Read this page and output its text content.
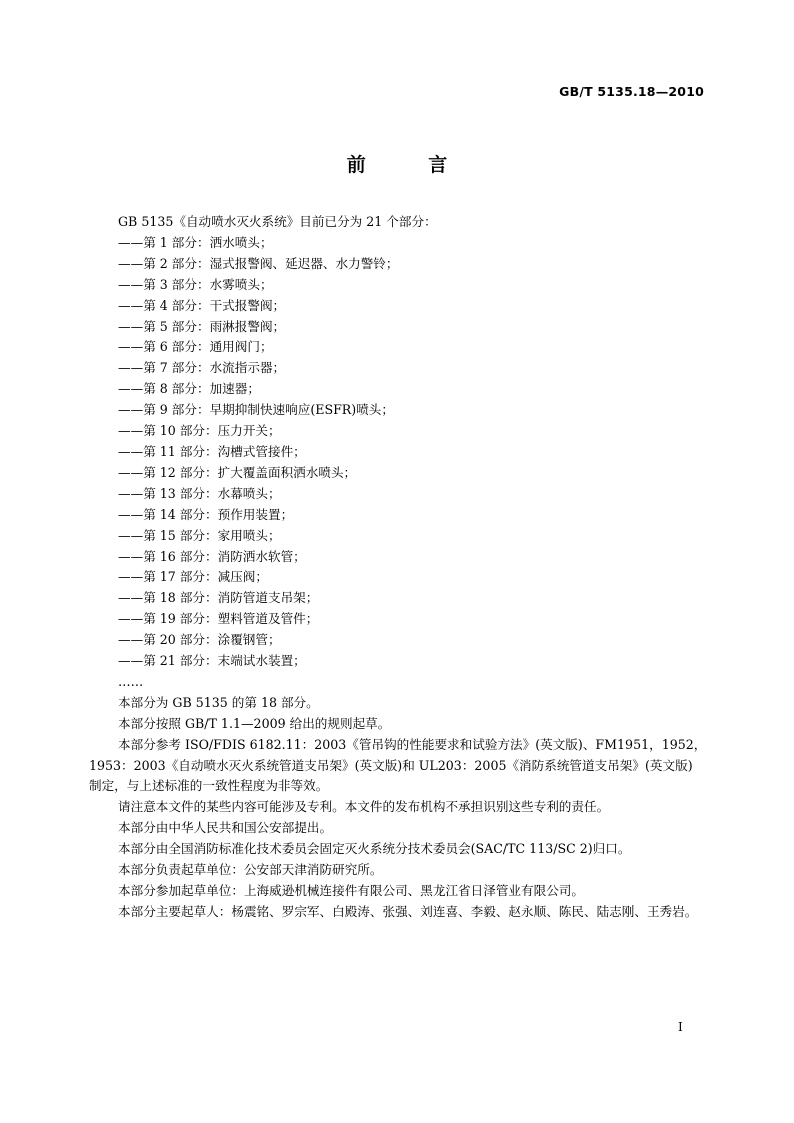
GB/T 5135.18—2010
前 言
GB 5135《自动喷水灭火系统》目前已分为 21 个部分：
——第 1 部分：洒水喷头；
——第 2 部分：湿式报警阀、延迟器、水力警铃；
——第 3 部分：水雾喷头；
——第 4 部分：干式报警阀；
——第 5 部分：雨淋报警阀；
——第 6 部分：通用阀门；
——第 7 部分：水流指示器；
——第 8 部分：加速器；
——第 9 部分：早期抑制快速响应(ESFR)喷头；
——第 10 部分：压力开关；
——第 11 部分：沟槽式管接件；
——第 12 部分：扩大覆盖面积洒水喷头；
——第 13 部分：水幕喷头；
——第 14 部分：预作用装置；
——第 15 部分：家用喷头；
——第 16 部分：消防洒水软管；
——第 17 部分：减压阀；
——第 18 部分：消防管道支吊架；
——第 19 部分：塑料管道及管件；
——第 20 部分：涂覆钢管；
——第 21 部分：末端试水装置；
……
本部分为 GB 5135 的第 18 部分。
本部分按照 GB/T 1.1—2009 给出的规则起草。
本部分参考 ISO/FDIS 6182.11：2003《管吊钩的性能要求和试验方法》(英文版)、FM1951，1952，
1953：2003《自动喷水灭火系统管道支吊架》(英文版)和 UL203：2005《消防系统管道支吊架》(英文版)
制定，与上述标准的一致性程度为非等效。
请注意本文件的某些内容可能涉及专利。本文件的发布机构不承担识别这些专利的责任。
本部分由中华人民共和国公安部提出。
本部分由全国消防标准化技术委员会固定灭火系统分技术委员会(SAC/TC 113/SC 2)归口。
本部分负责起草单位：公安部天津消防研究所。
本部分参加起草单位：上海威逊机械连接件有限公司、黑龙江省日泽管业有限公司。
本部分主要起草人：杨震铭、罗宗军、白殿涛、张强、刘连喜、李毅、赵永顺、陈民、陆志刚、王秀岩。
I
